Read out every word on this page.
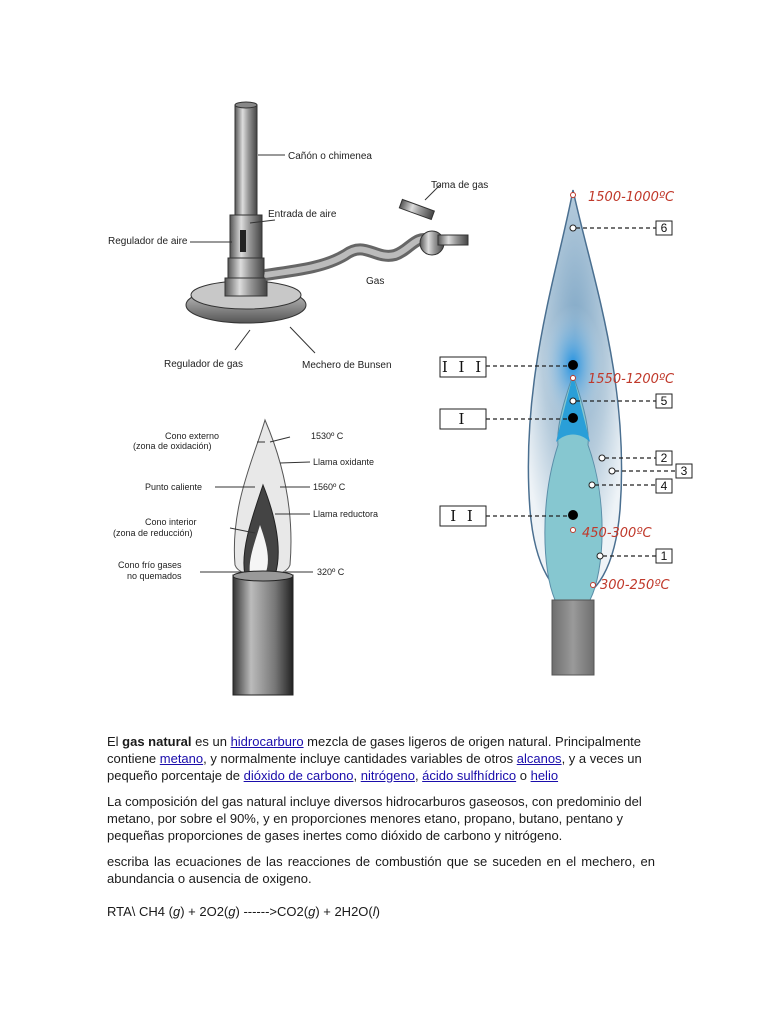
Cañón o chimenea
Toma de gas
Entrada de aire
Regulador de aire
Gas
Regulador de gas	Mechero de Bunsen
Cono externo
(zona de oxidación)
1530º C
Llama oxidante
Punto caliente	1560º C
Cono interior
(zona de reducción)
Llama reductora
Cono frío gases
no quemados	320º C
6
5
2
3
4
1
I I I
I
I I
1500-1000ºC
1550-1200ºC
450-300ºC
300-250ºC

El gas natural es un hidrocarburo mezcla de gases ligeros de origen natural. Principalmente contiene metano, y normalmente incluye cantidades variables de otros alcanos, y a veces un pequeño porcentaje de dióxido de carbono, nitrógeno, ácido sulfhídrico o helio

La composición del gas natural incluye diversos hidrocarburos gaseosos, con predominio del metano, por sobre el 90%, y en proporciones menores etano, propano, butano, pentano y pequeñas proporciones de gases inertes como dióxido de carbono y nitrógeno.

escriba las ecuaciones de las reacciones de combustión que se suceden en el mechero, en abundancia o ausencia de oxigeno.

RTA\ CH4 (g) + 2O2(g) ------>CO2(g) + 2H2O(l)
